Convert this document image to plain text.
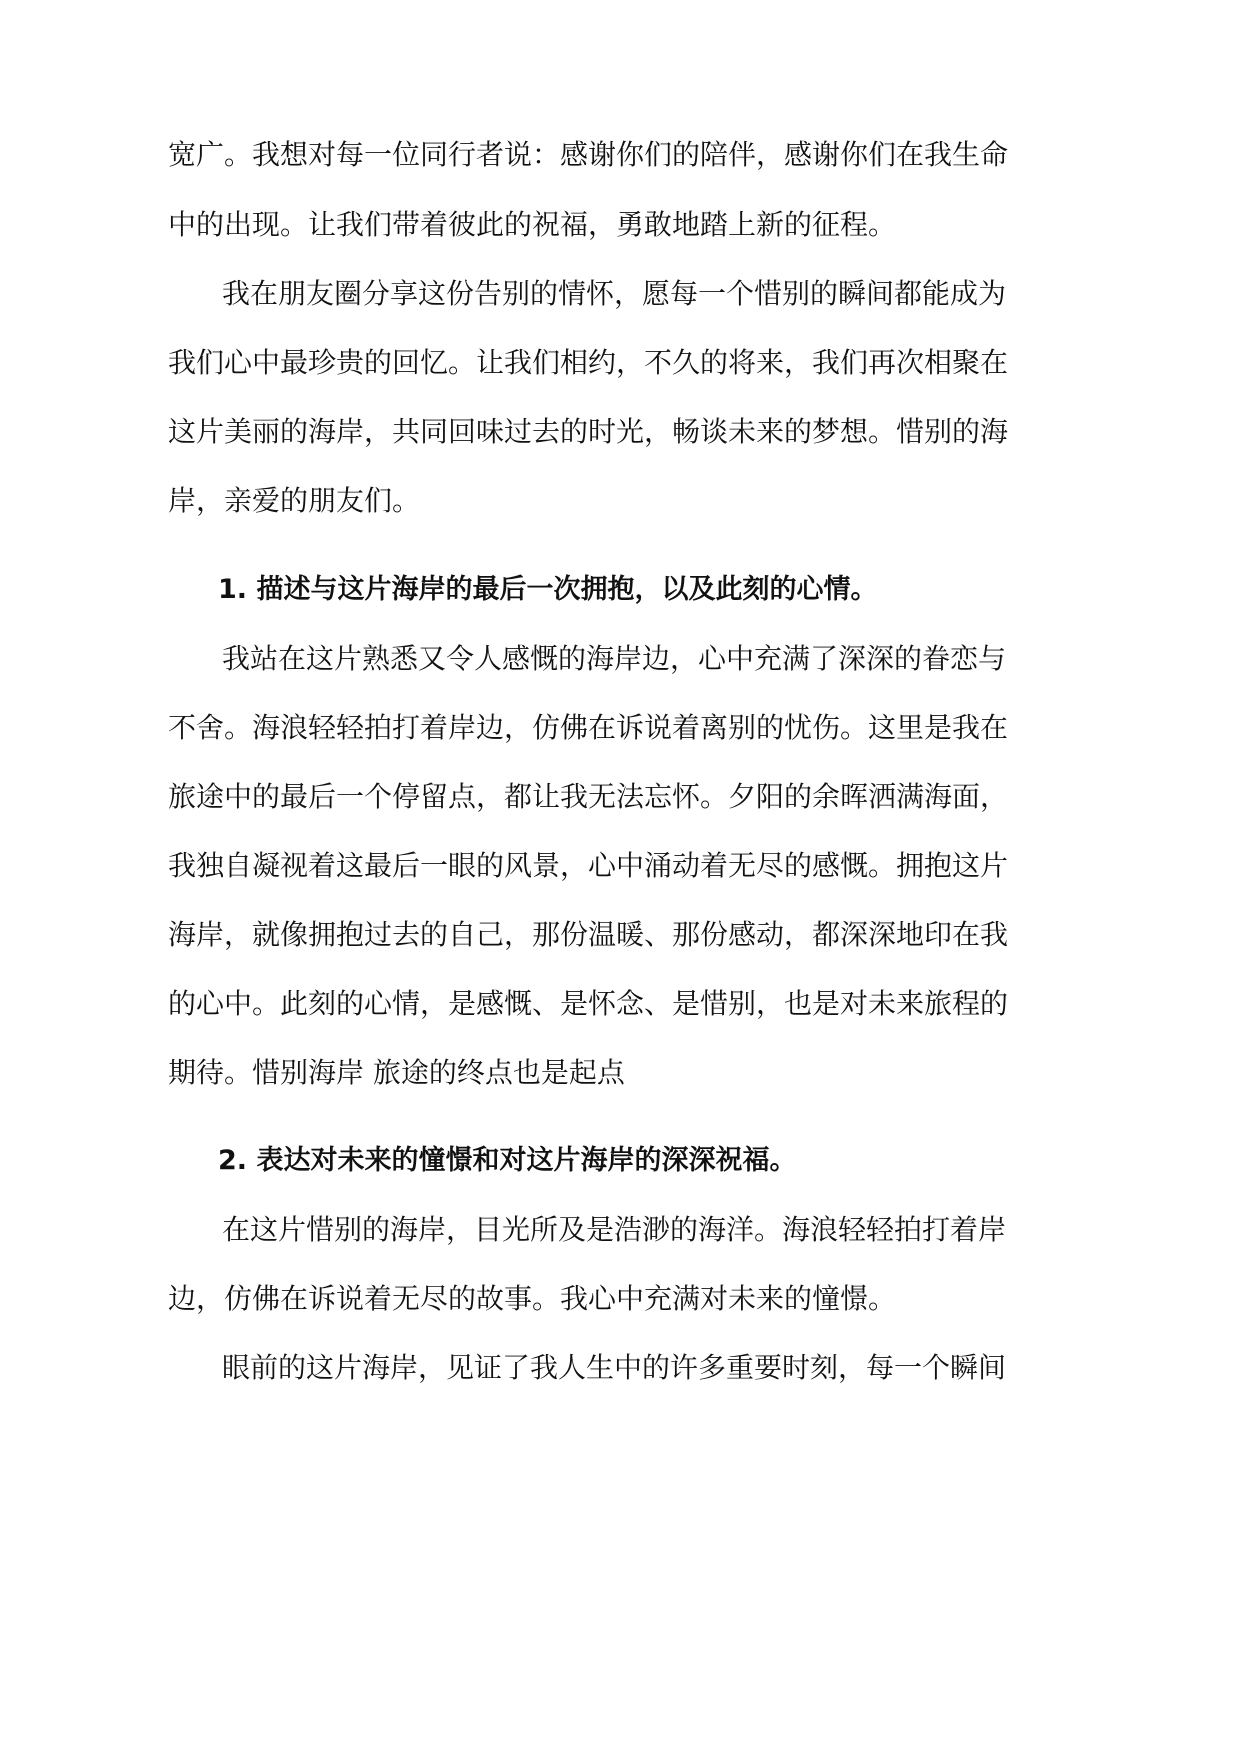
宽广。我想对每一位同行者说：感谢你们的陪伴，感谢你们在我生命
中的出现。让我们带着彼此的祝福，勇敢地踏上新的征程。
我在朋友圈分享这份告别的情怀，愿每一个惜别的瞬间都能成为
我们心中最珍贵的回忆。让我们相约，不久的将来，我们再次相聚在
这片美丽的海岸，共同回味过去的时光，畅谈未来的梦想。惜别的海
岸，亲爱的朋友们。
1. 描述与这片海岸的最后一次拥抱，以及此刻的心情。
我站在这片熟悉又令人感慨的海岸边，心中充满了深深的眷恋与
不舍。海浪轻轻拍打着岸边，仿佛在诉说着离别的忧伤。这里是我在
旅途中的最后一个停留点，都让我无法忘怀。夕阳的余晖洒满海面，
我独自凝视着这最后一眼的风景，心中涌动着无尽的感慨。拥抱这片
海岸，就像拥抱过去的自己，那份温暖、那份感动，都深深地印在我
的心中。此刻的心情，是感慨、是怀念、是惜别，也是对未来旅程的
期待。惜别海岸 旅途的终点也是起点
2. 表达对未来的憧憬和对这片海岸的深深祝福。
在这片惜别的海岸，目光所及是浩渺的海洋。海浪轻轻拍打着岸
边，仿佛在诉说着无尽的故事。我心中充满对未来的憧憬。
眼前的这片海岸，见证了我人生中的许多重要时刻，每一个瞬间
